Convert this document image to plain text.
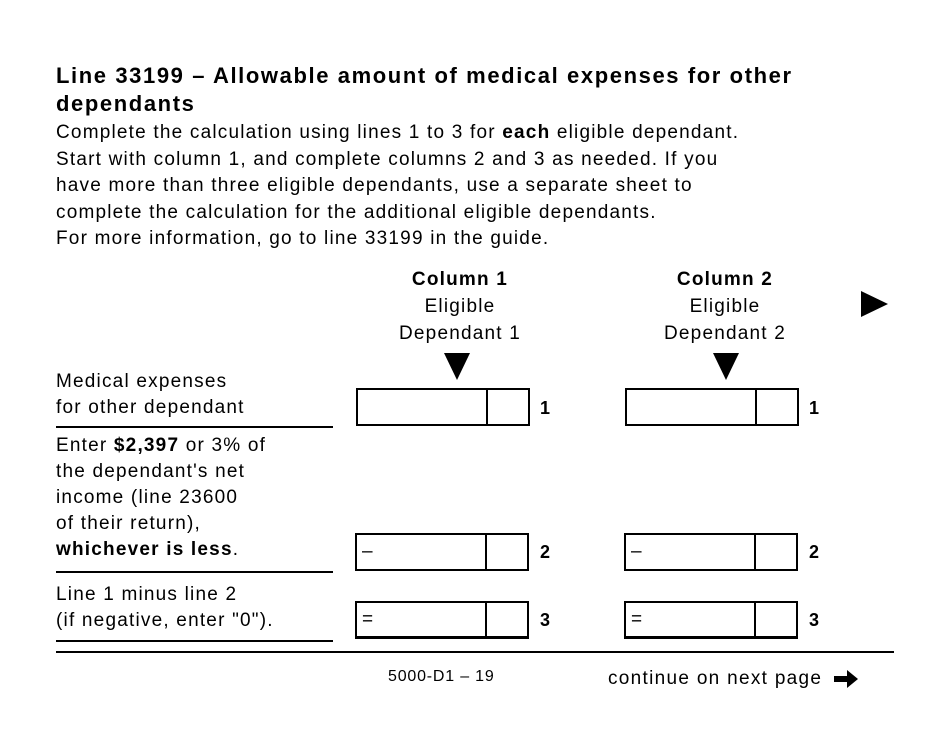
Line 33199 – Allowable amount of medical expenses for other dependants
Complete the calculation using lines 1 to 3 for each eligible dependant.
Start with column 1, and complete columns 2 and 3 as needed. If you
have more than three eligible dependants, use a separate sheet to
complete the calculation for the additional eligible dependants.
For more information, go to line 33199 in the guide.
Column 1
Eligible
Dependant 1
Column 2
Eligible
Dependant 2
Medical expenses
for other dependant	1	1
Enter $2,397 or 3% of
the dependant's net
income (line 23600
of their return),
whichever is less.	–	2	–	2
Line 1 minus line 2
(if negative, enter "0").	=	3	=	3
5000-D1 – 19	continue on next page
